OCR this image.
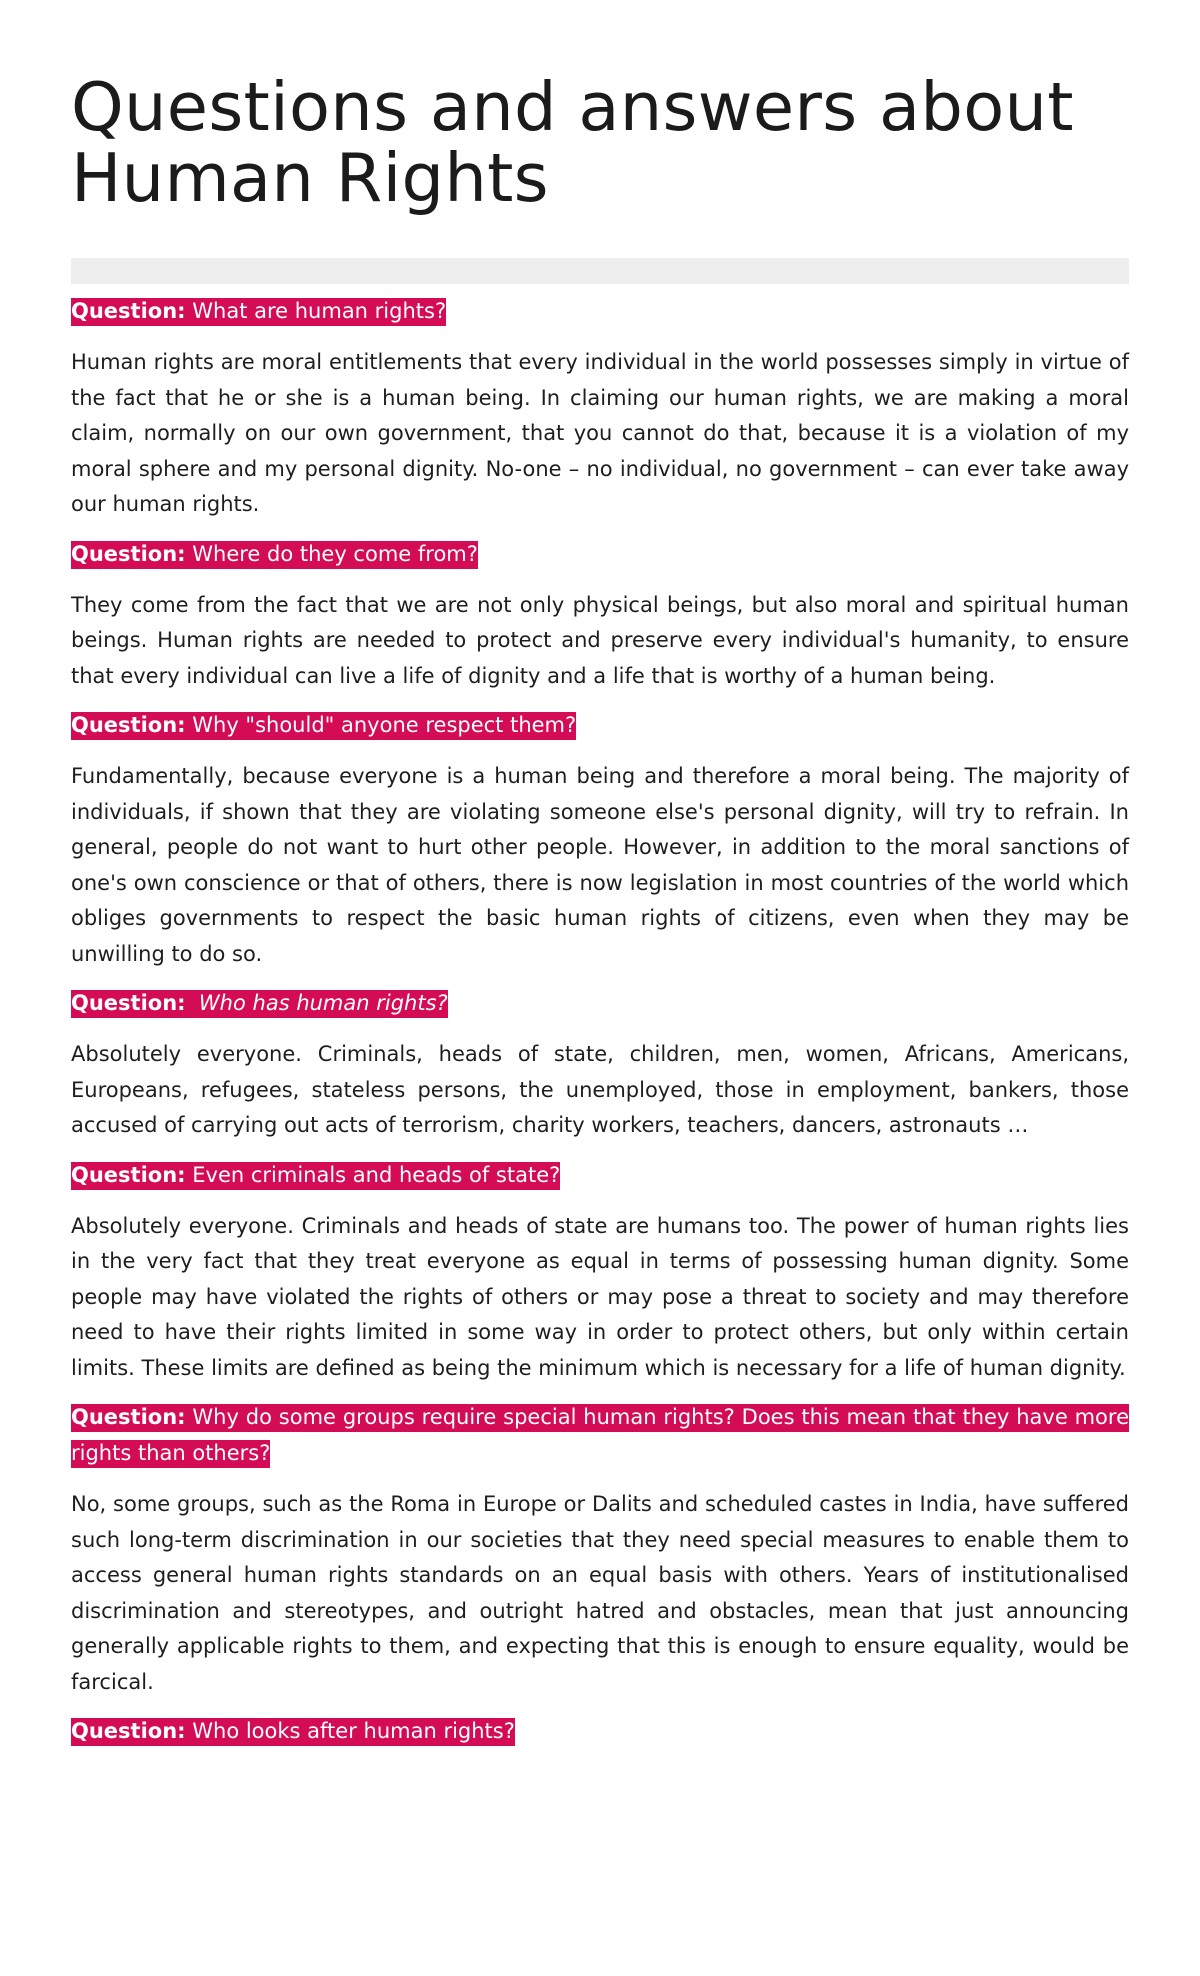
Questions and answers about Human Rights

Question: What are human rights?

Human rights are moral entitlements that every individual in the world possesses simply in virtue of the fact that he or she is a human being. In claiming our human rights, we are making a moral claim, normally on our own government, that you cannot do that, because it is a violation of my moral sphere and my personal dignity. No-one – no individual, no government – can ever take away our human rights.

Question: Where do they come from?

They come from the fact that we are not only physical beings, but also moral and spiritual human beings. Human rights are needed to protect and preserve every individual's humanity, to ensure that every individual can live a life of dignity and a life that is worthy of a human being.

Question: Why "should" anyone respect them?

Fundamentally, because everyone is a human being and therefore a moral being. The majority of individuals, if shown that they are violating someone else's personal dignity, will try to refrain. In general, people do not want to hurt other people. However, in addition to the moral sanctions of one's own conscience or that of others, there is now legislation in most countries of the world which obliges governments to respect the basic human rights of citizens, even when they may be unwilling to do so.

Question: Who has human rights?

Absolutely everyone. Criminals, heads of state, children, men, women, Africans, Americans, Europeans, refugees, stateless persons, the unemployed, those in employment, bankers, those accused of carrying out acts of terrorism, charity workers, teachers, dancers, astronauts …

Question: Even criminals and heads of state?

Absolutely everyone. Criminals and heads of state are humans too. The power of human rights lies in the very fact that they treat everyone as equal in terms of possessing human dignity. Some people may have violated the rights of others or may pose a threat to society and may therefore need to have their rights limited in some way in order to protect others, but only within certain limits. These limits are defined as being the minimum which is necessary for a life of human dignity.

Question: Why do some groups require special human rights? Does this mean that they have more rights than others?

No, some groups, such as the Roma in Europe or Dalits and scheduled castes in India, have suffered such long-term discrimination in our societies that they need special measures to enable them to access general human rights standards on an equal basis with others. Years of institutionalised discrimination and stereotypes, and outright hatred and obstacles, mean that just announcing generally applicable rights to them, and expecting that this is enough to ensure equality, would be farcical.

Question: Who looks after human rights?
